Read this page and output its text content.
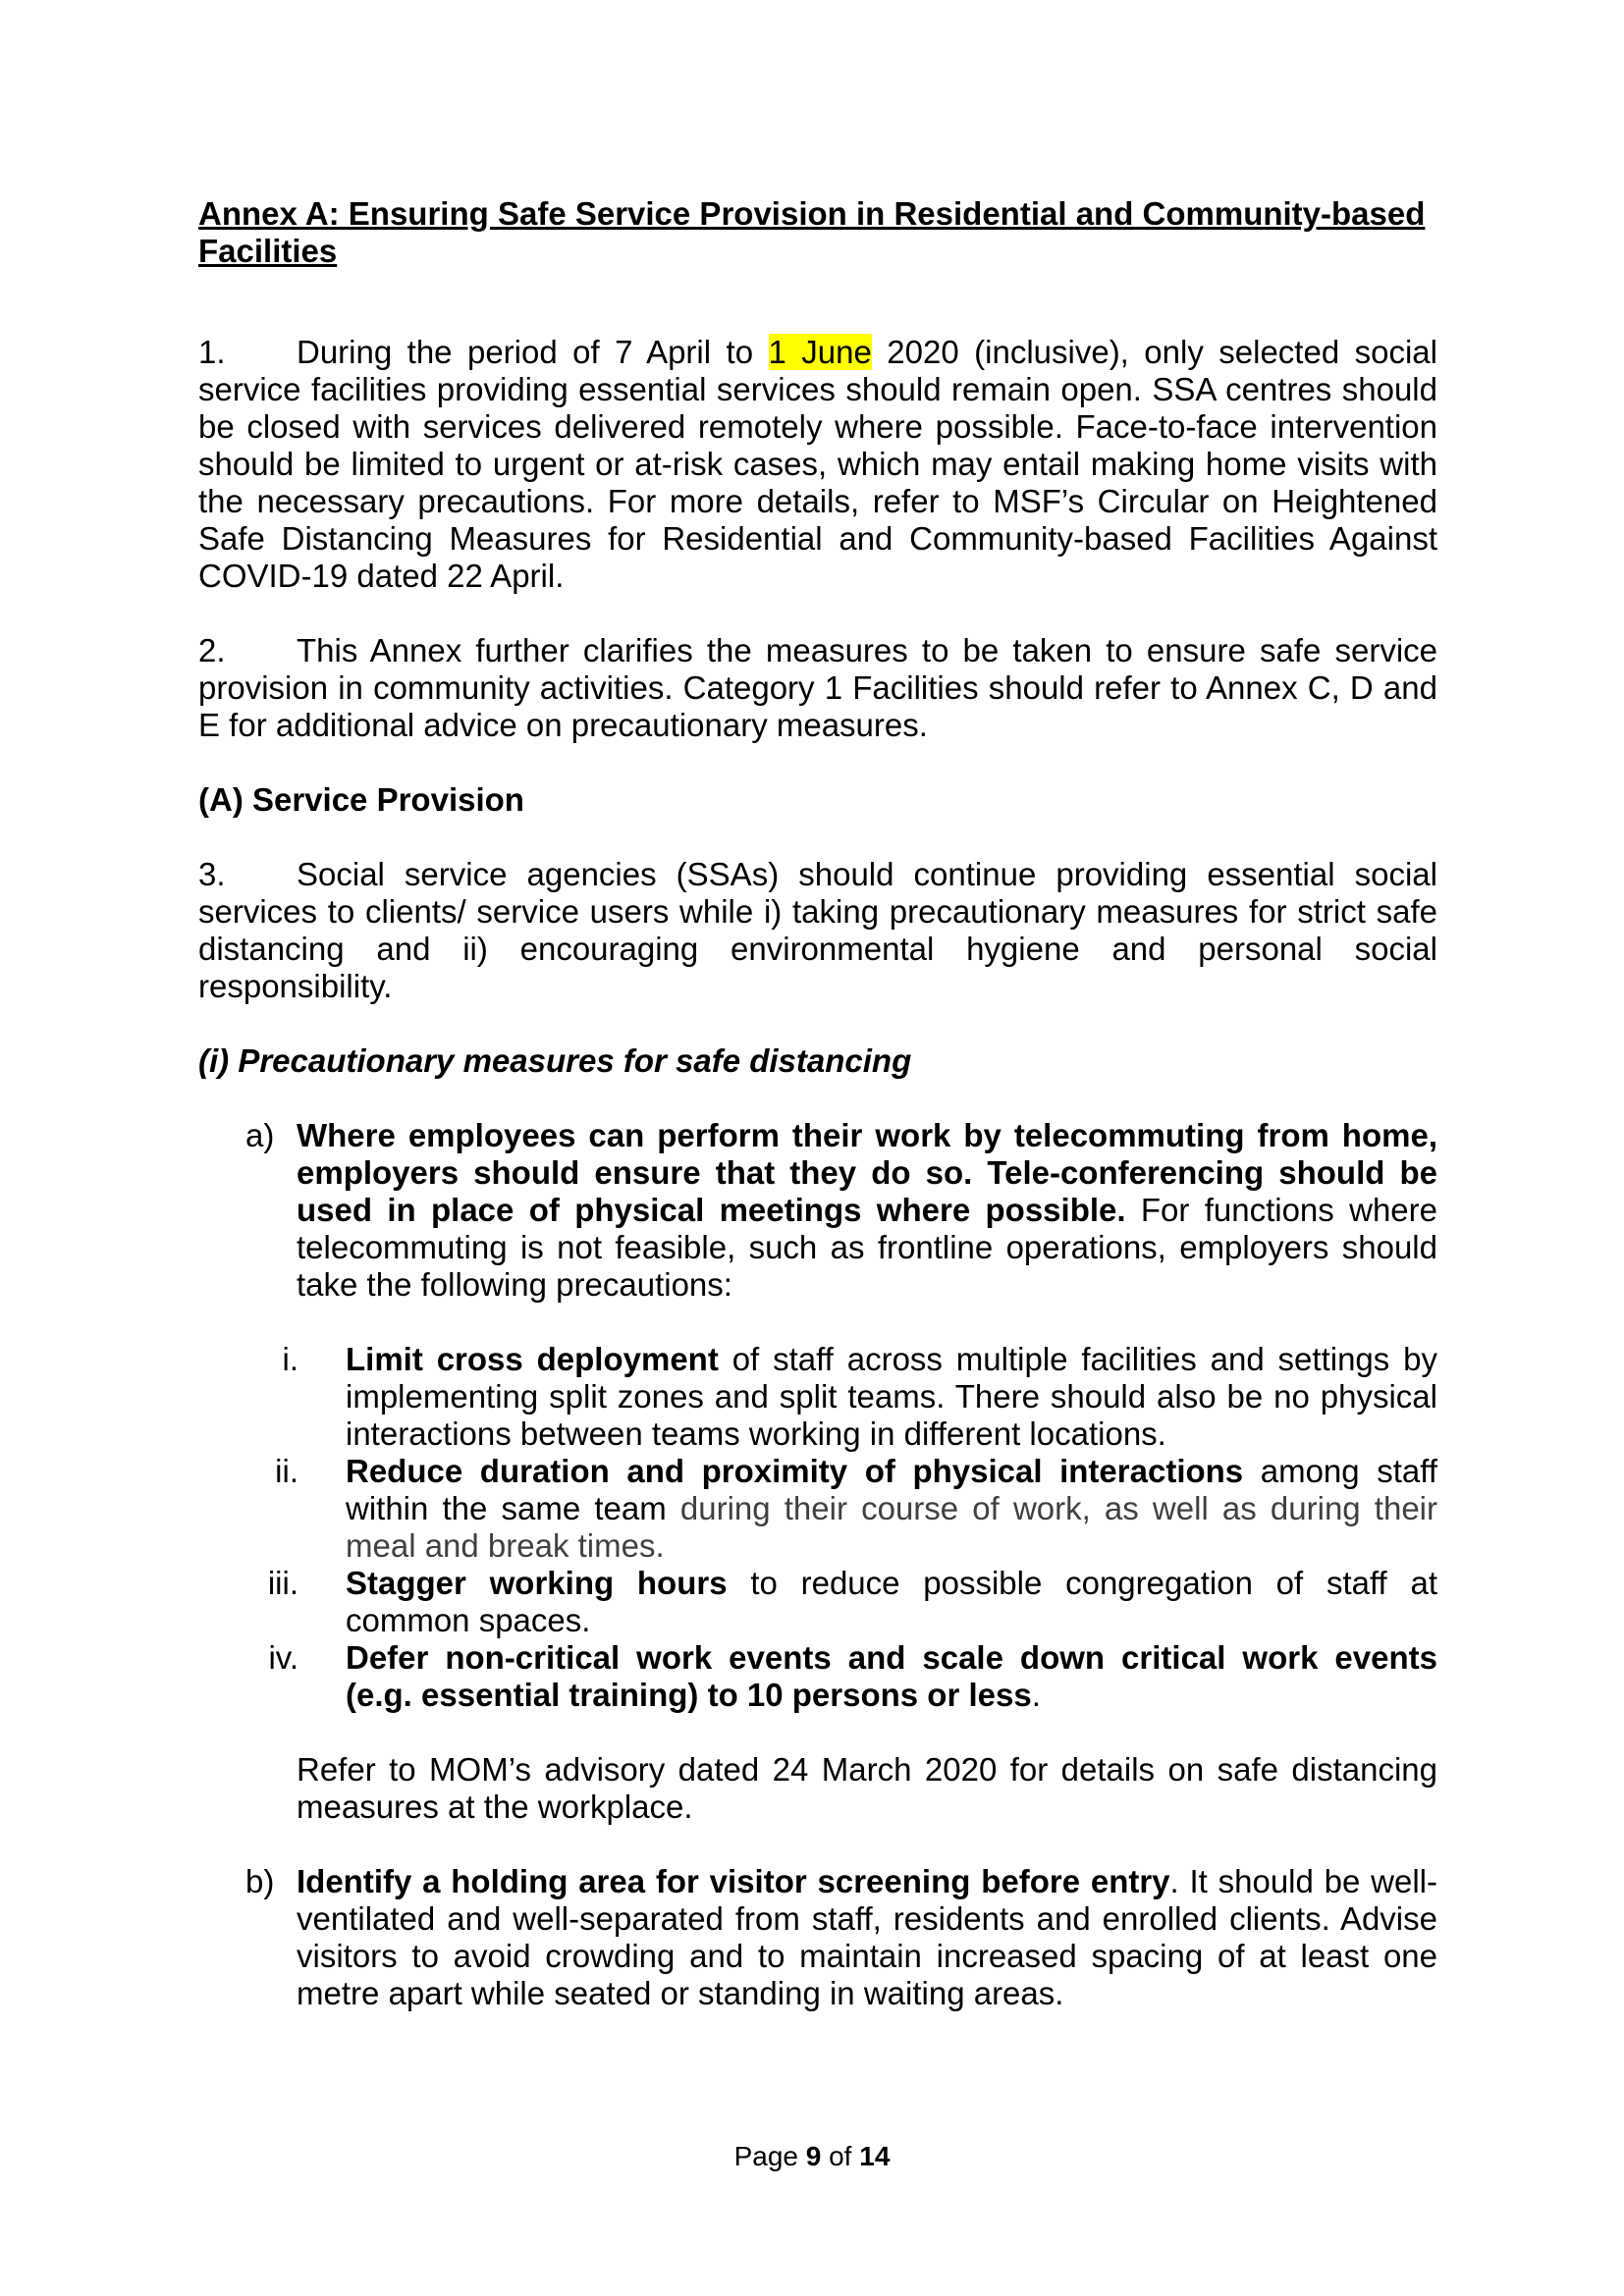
Annex A: Ensuring Safe Service Provision in Residential and Community-based Facilities

1. During the period of 7 April to 1 June 2020 (inclusive), only selected social service facilities providing essential services should remain open. SSA centres should be closed with services delivered remotely where possible. Face-to-face intervention should be limited to urgent or at-risk cases, which may entail making home visits with the necessary precautions. For more details, refer to MSF’s Circular on Heightened Safe Distancing Measures for Residential and Community-based Facilities Against COVID-19 dated 22 April.

2. This Annex further clarifies the measures to be taken to ensure safe service provision in community activities. Category 1 Facilities should refer to Annex C, D and E for additional advice on precautionary measures.

(A) Service Provision

3. Social service agencies (SSAs) should continue providing essential social services to clients/ service users while i) taking precautionary measures for strict safe distancing and ii) encouraging environmental hygiene and personal social responsibility.

(i) Precautionary measures for safe distancing

a) Where employees can perform their work by telecommuting from home, employers should ensure that they do so. Tele-conferencing should be used in place of physical meetings where possible. For functions where telecommuting is not feasible, such as frontline operations, employers should take the following precautions:
i. Limit cross deployment of staff across multiple facilities and settings by implementing split zones and split teams. There should also be no physical interactions between teams working in different locations.
ii. Reduce duration and proximity of physical interactions among staff within the same team during their course of work, as well as during their meal and break times.
iii. Stagger working hours to reduce possible congregation of staff at common spaces.
iv. Defer non-critical work events and scale down critical work events (e.g. essential training) to 10 persons or less.

Refer to MOM’s advisory dated 24 March 2020 for details on safe distancing measures at the workplace.

b) Identify a holding area for visitor screening before entry. It should be well-ventilated and well-separated from staff, residents and enrolled clients. Advise visitors to avoid crowding and to maintain increased spacing of at least one metre apart while seated or standing in waiting areas.
Page 9 of 14
